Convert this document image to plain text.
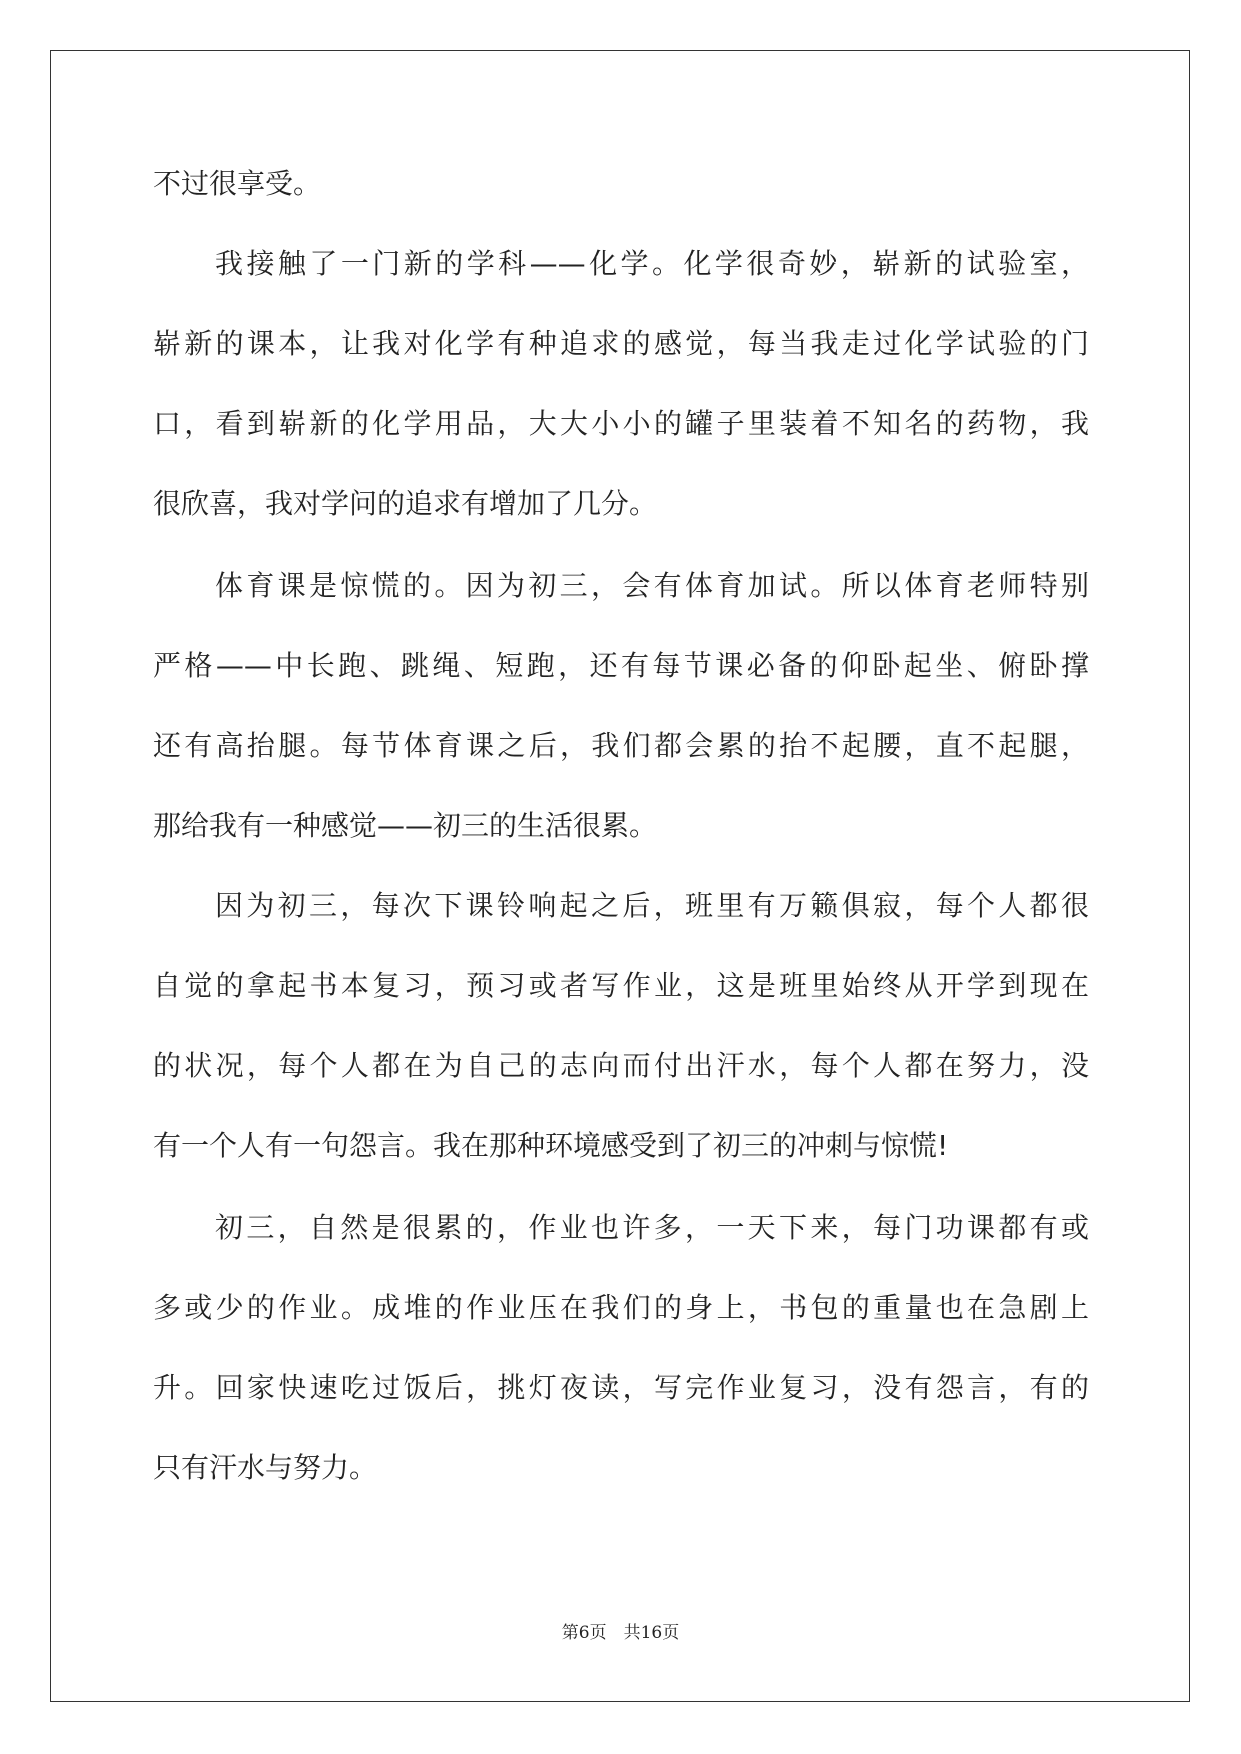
不过很享受。
我接触了一门新的学科——化学。化学很奇妙，崭新的试验室，
崭新的课本，让我对化学有种追求的感觉，每当我走过化学试验的门
口，看到崭新的化学用品，大大小小的罐子里装着不知名的药物，我
很欣喜，我对学问的追求有增加了几分。
体育课是惊慌的。因为初三，会有体育加试。所以体育老师特别
严格——中长跑、跳绳、短跑，还有每节课必备的仰卧起坐、俯卧撑
还有高抬腿。每节体育课之后，我们都会累的抬不起腰，直不起腿，
那给我有一种感觉——初三的生活很累。
因为初三，每次下课铃响起之后，班里有万籁俱寂，每个人都很
自觉的拿起书本复习，预习或者写作业，这是班里始终从开学到现在
的状况，每个人都在为自己的志向而付出汗水，每个人都在努力，没
有一个人有一句怨言。我在那种环境感受到了初三的冲刺与惊慌!
初三，自然是很累的，作业也许多，一天下来，每门功课都有或
多或少的作业。成堆的作业压在我们的身上，书包的重量也在急剧上
升。回家快速吃过饭后，挑灯夜读，写完作业复习，没有怨言，有的
只有汗水与努力。
第6页　共16页
